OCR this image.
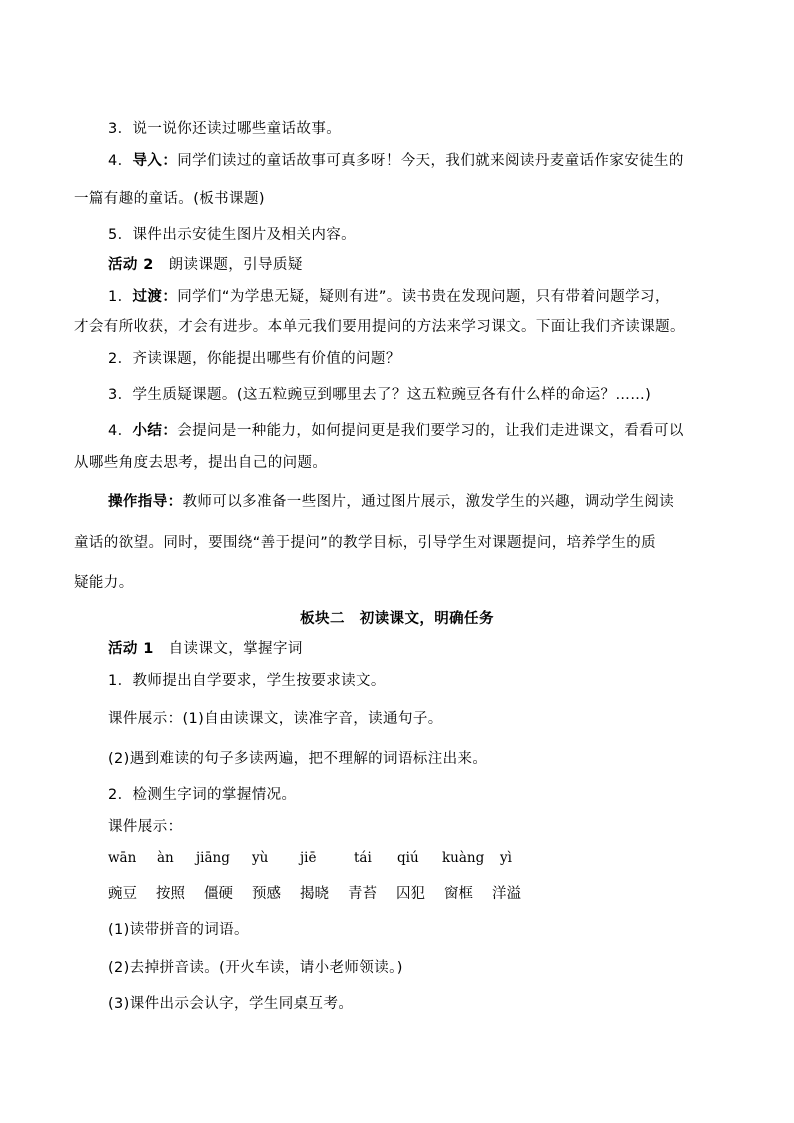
3．说一说你还读过哪些童话故事。
4．导入：同学们读过的童话故事可真多呀！今天，我们就来阅读丹麦童话作家安徒生的
一篇有趣的童话。(板书课题)
5．课件出示安徒生图片及相关内容。
活动 2　朗读课题，引导质疑
1．过渡：同学们“为学患无疑，疑则有进”。读书贵在发现问题，只有带着问题学习，
才会有所收获，才会有进步。本单元我们要用提问的方法来学习课文。下面让我们齐读课题。
2．齐读课题，你能提出哪些有价值的问题？
3．学生质疑课题。(这五粒豌豆到哪里去了？这五粒豌豆各有什么样的命运？……)
4．小结：会提问是一种能力，如何提问更是我们要学习的，让我们走进课文，看看可以
从哪些角度去思考，提出自己的问题。
操作指导：教师可以多准备一些图片，通过图片展示，激发学生的兴趣，调动学生阅读
童话的欲望。同时，要围绕“善于提问”的教学目标，引导学生对课题提问，培养学生的质
疑能力。
板块二　初读课文，明确任务
活动 1　自读课文，掌握字词
1．教师提出自学要求，学生按要求读文。
课件展示：(1)自由读课文，读准字音，读通句子。
(2)遇到难读的句子多读两遍，把不理解的词语标注出来。
2．检测生字词的掌握情况。
课件展示：
wān àn jiāng yù jiē	tái qiú kuàng yì
豌豆 按照 僵硬 预感 揭晓 青苔 囚犯 窗框 洋溢
(1)读带拼音的词语。
(2)去掉拼音读。(开火车读，请小老师领读。)
(3)课件出示会认字，学生同桌互考。
